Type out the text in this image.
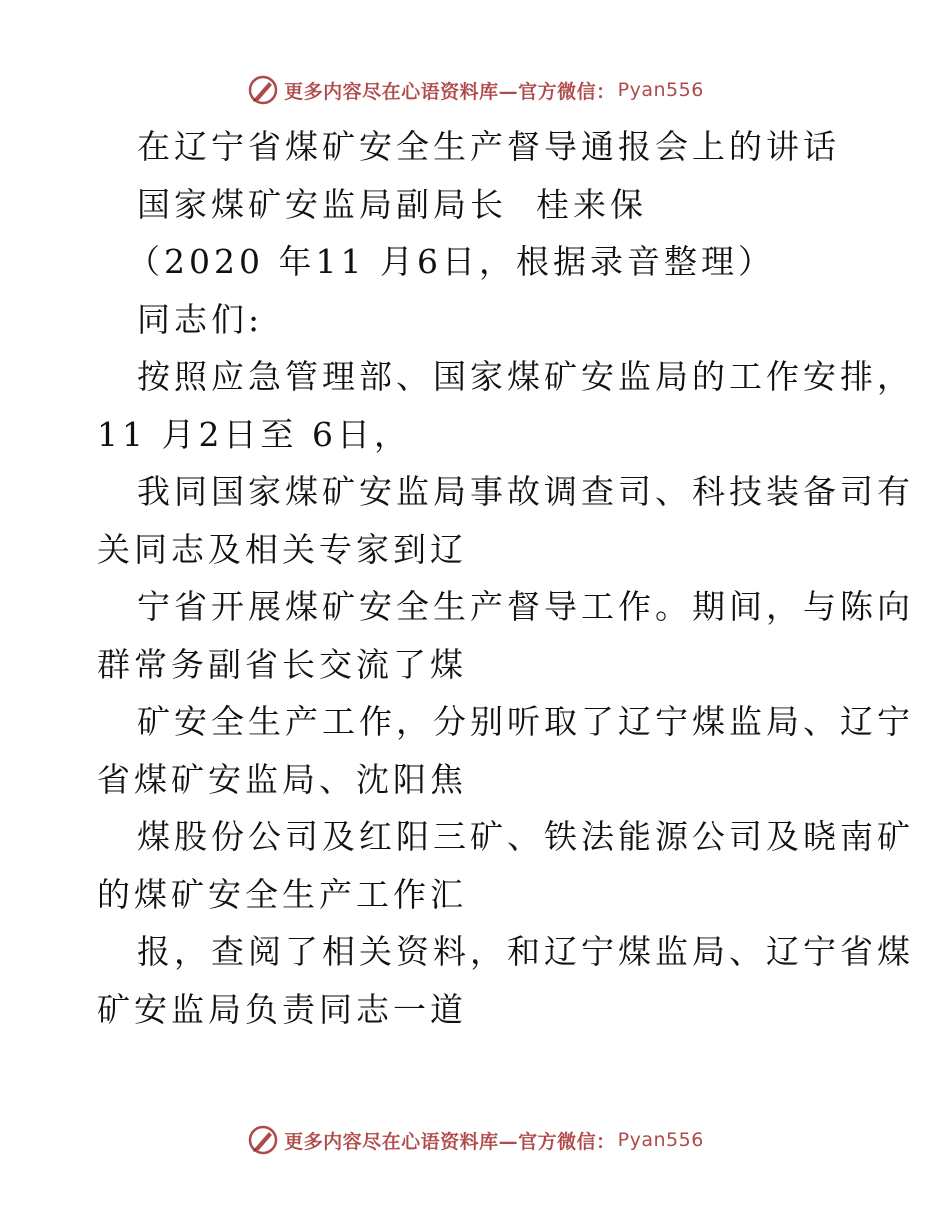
更多内容尽在心语资料库—官方微信： Pyan556
在辽宁省煤矿安全生产督导通报会上的讲话
国家煤矿安监局副局长  桂来保
（2020 年11 月6日，根据录音整理）
同志们:
按照应急管理部、国家煤矿安监局的工作安排，
11 月2日至 6日，
我同国家煤矿安监局事故调查司、科技装备司有
关同志及相关专家到辽
宁省开展煤矿安全生产督导工作。期间，与陈向
群常务副省长交流了煤
矿安全生产工作，分别听取了辽宁煤监局、辽宁
省煤矿安监局、沈阳焦
煤股份公司及红阳三矿、铁法能源公司及晓南矿
的煤矿安全生产工作汇
报，查阅了相关资料，和辽宁煤监局、辽宁省煤
矿安监局负责同志一道
更多内容尽在心语资料库—官方微信： Pyan556
